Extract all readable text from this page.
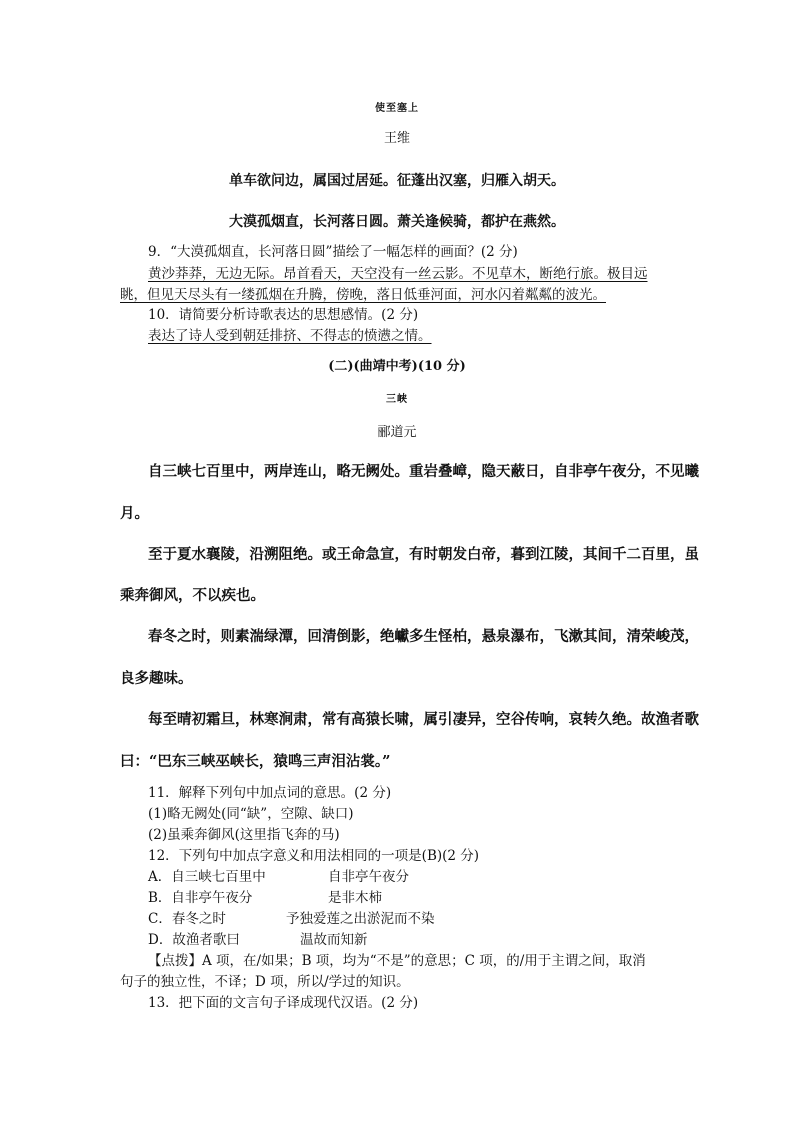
使至塞上
王维
单车欲问边，属国过居延。征蓬出汉塞，归雁入胡天。
大漠孤烟直，长河落日圆。萧关逢候骑，都护在燕然。
9．“大漠孤烟直，长河落日圆”描绘了一幅怎样的画面？(2 分)
黄沙莽莽，无边无际。昂首看天，天空没有一丝云影。不见草木，断绝行旅。极目远
眺，但见天尽头有一缕孤烟在升腾，傍晚，落日低垂河面，河水闪着粼粼的波光。
10．请简要分析诗歌表达的思想感情。(2 分)
表达了诗人受到朝廷排挤、不得志的愤懑之情。
(二)(曲靖中考)(10 分)
三峡
郦道元
自三峡七百里中，两岸连山，略无阙处。重岩叠嶂，隐天蔽日，自非亭午夜分，不见曦
月。
至于夏水襄陵，沿溯阻绝。或王命急宣，有时朝发白帝，暮到江陵，其间千二百里，虽
乘奔御风，不以疾也。
春冬之时，则素湍绿潭，回清倒影，绝巘多生怪柏，悬泉瀑布，飞漱其间，清荣峻茂，
良多趣味。
每至晴初霜旦，林寒涧肃，常有高猿长啸，属引凄异，空谷传响，哀转久绝。故渔者歌
曰：“巴东三峡巫峡长，猿鸣三声泪沾裳。”
11．解释下列句中加点词的意思。(2 分)
(1)略无阙处(同“缺”，空隙、缺口)
(2)虽乘奔御风(这里指飞奔的马)
12．下列句中加点字意义和用法相同的一项是(B)(2 分)
A．自三峡七百里中	自非亭午夜分
B．自非亭午夜分	是非木柿
C．春冬之时	予独爱莲之出淤泥而不染
D．故渔者歌曰	温故而知新
【点拨】A 项，在/如果；B 项，均为“不是”的意思；C 项，的/用于主谓之间，取消
句子的独立性，不译；D 项，所以/学过的知识。
13．把下面的文言句子译成现代汉语。(2 分)
